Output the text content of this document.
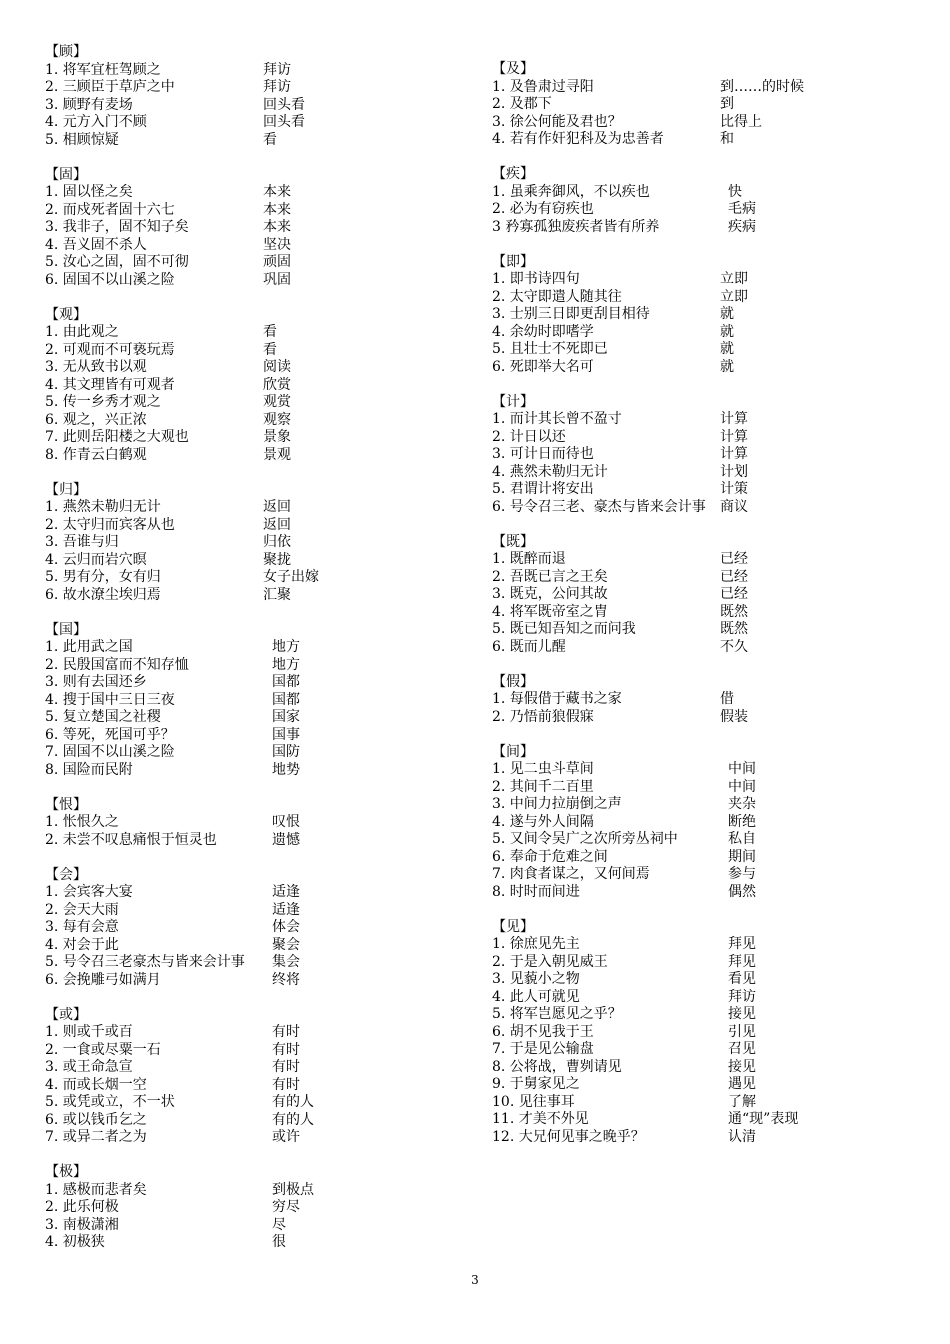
【顾】
1. 将军宜枉驾顾之	拜访
2. 三顾臣于草庐之中	拜访
3. 顾野有麦场	回头看
4. 元方入门不顾	回头看
5. 相顾惊疑	看
【固】
1. 固以怪之矣	本来
2. 而戍死者固十六七	本来
3. 我非子，固不知子矣	本来
4. 吾义固不杀人	坚决
5. 汝心之固，固不可彻	顽固
6. 固国不以山溪之险	巩固
【观】
1. 由此观之	看
2. 可观而不可亵玩焉	看
3. 无从致书以观	阅读
4. 其文理皆有可观者	欣赏
5. 传一乡秀才观之	观赏
6. 观之，兴正浓	观察
7. 此则岳阳楼之大观也	景象
8. 作青云白鹤观	景观
【归】
1. 燕然未勒归无计	返回
2. 太守归而宾客从也	返回
3. 吾谁与归	归依
4. 云归而岩穴暝	聚拢
5. 男有分，女有归	女子出嫁
6. 故水潦尘埃归焉	汇聚
【国】
1. 此用武之国	地方
2. 民殷国富而不知存恤	地方
3. 则有去国还乡	国都
4. 搜于国中三日三夜	国都
5. 复立楚国之社稷	国家
6. 等死，死国可乎？	国事
7. 固国不以山溪之险	国防
8. 国险而民附	地势
【恨】
1. 怅恨久之	叹恨
2. 未尝不叹息痛恨于恒灵也	遗憾
【会】
1. 会宾客大宴	适逢
2. 会天大雨	适逢
3. 每有会意	体会
4. 对会于此	聚会
5. 号令召三老豪杰与皆来会计事 集会
6. 会挽雕弓如满月	终将
【或】
1. 则或千或百	有时
2. 一食或尽粟一石	有时
3. 或王命急宣	有时
4. 而或长烟一空	有时
5. 或凭或立，不一状	有的人
6. 或以钱币乞之	有的人
7. 或异二者之为	或许
【极】
1. 感极而悲者矣	到极点
2. 此乐何极	穷尽
3. 南极潇湘	尽
4. 初极狭	很
【及】
1. 及鲁肃过寻阳	到……的时候
2. 及郡下	到
3. 徐公何能及君也？	比得上
4. 若有作奸犯科及为忠善者	和
【疾】
1. 虽乘奔御风，不以疾也	快
2. 必为有窃疾也	毛病
3 矜寡孤独废疾者皆有所养	疾病
【即】
1. 即书诗四句	立即
2. 太守即遣人随其往	立即
3. 士别三日即更刮目相待	就
4. 余幼时即嗜学	就
5. 且壮士不死即已	就
6. 死即举大名可	就
【计】
1. 而计其长曾不盈寸	计算
2. 计日以还	计算
3. 可计日而待也	计算
4. 燕然未勒归无计	计划
5. 君谓计将安出	计策
6. 号令召三老、豪杰与皆来会计事 商议
【既】
1. 既醉而退	已经
2. 吾既已言之王矣	已经
3. 既克，公问其故	已经
4. 将军既帝室之胄	既然
5. 既已知吾知之而问我	既然
6. 既而儿醒	不久
【假】
1. 每假借于藏书之家	借
2. 乃悟前狼假寐	假装
【间】
1. 见二虫斗草间	中间
2. 其间千二百里	中间
3. 中间力拉崩倒之声	夹杂
4. 遂与外人间隔	断绝
5. 又间令吴广之次所旁丛祠中	私自
6. 奉命于危难之间	期间
7. 肉食者谋之，又何间焉	参与
8. 时时而间进	偶然
【见】
1. 徐庶见先主	拜见
2. 于是入朝见威王	拜见
3. 见藐小之物	看见
4. 此人可就见	拜访
5. 将军岂愿见之乎？	接见
6. 胡不见我于王	引见
7. 于是见公输盘	召见
8. 公将战，曹刿请见	接见
9. 于舅家见之	遇见
10. 见往事耳	了解
11. 才美不外见	通“现”表现
12. 大兄何见事之晚乎？	认清
3
